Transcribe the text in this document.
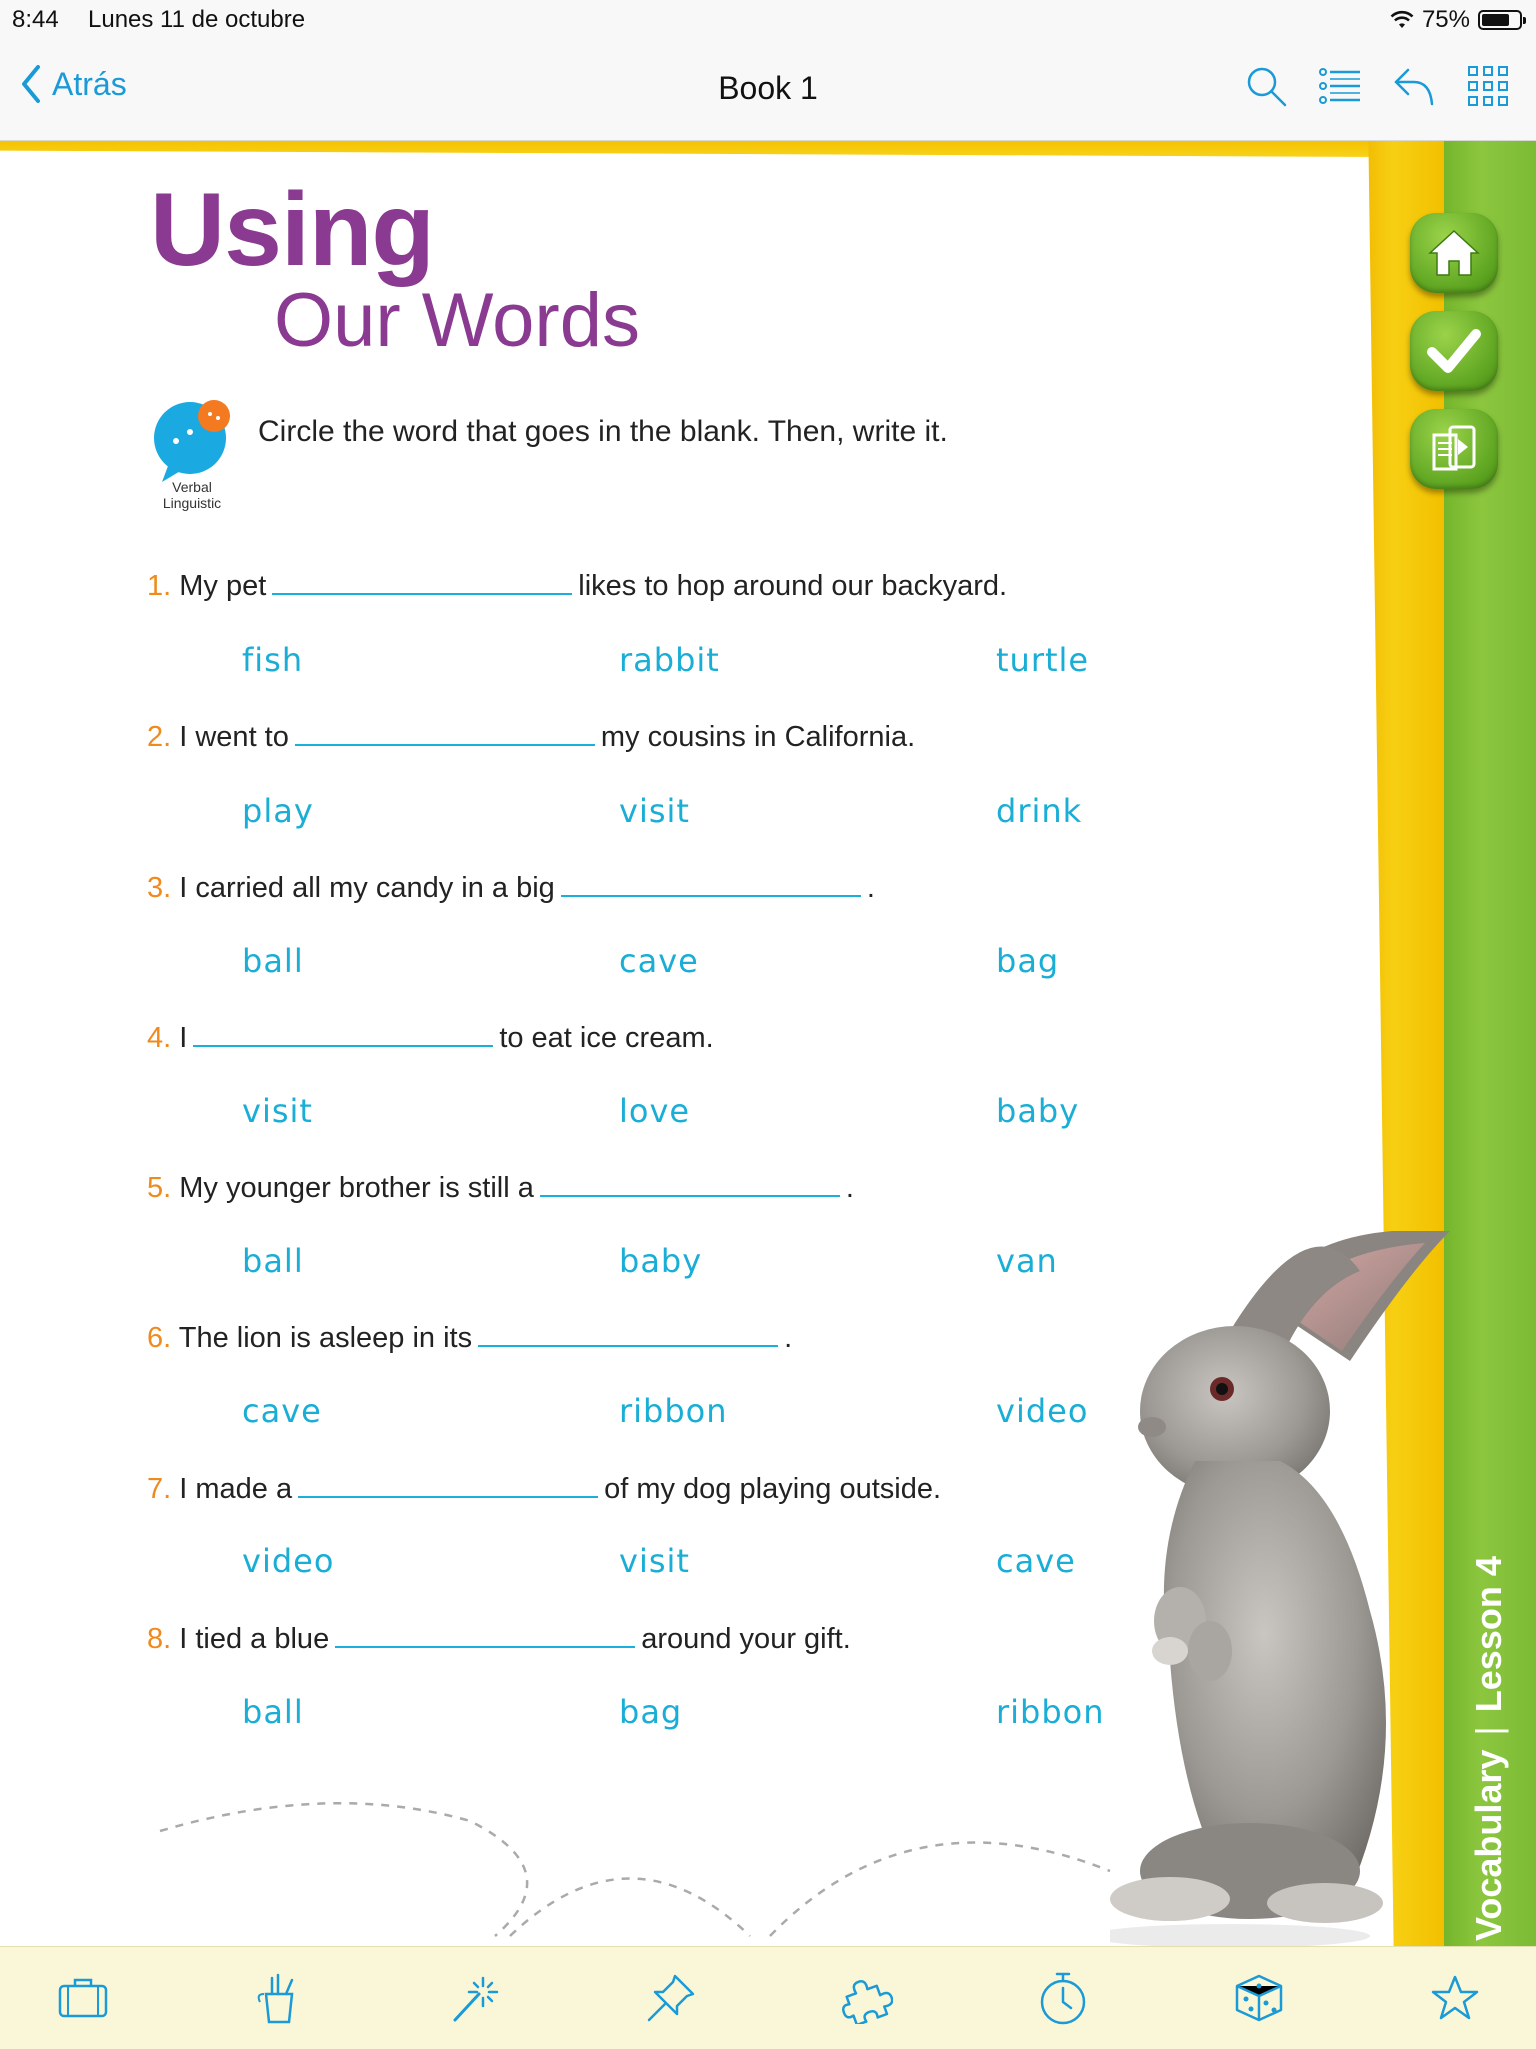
8:44 Lunes 11 de octubre	75%
Atrás	Book 1
Vocabulary|Lesson 4
Using
Our Words
Verbal
Linguistic
Circle the word that goes in the blank. Then, write it.
1. My pet	likes to hop around our backyard.
fish	rabbit	turtle
2. I went to	my cousins in California.
play	visit	drink
3. I carried all my candy in a big	.
ball	cave	bag
4. I	to eat ice cream.
visit	love	baby
5. My younger brother is still a	.
ball	baby	van
6. The lion is asleep in its	.
cave	ribbon	video
7. I made a	of my dog playing outside.
video	visit	cave
8. I tied a blue	around your gift.
ball	bag	ribbon
